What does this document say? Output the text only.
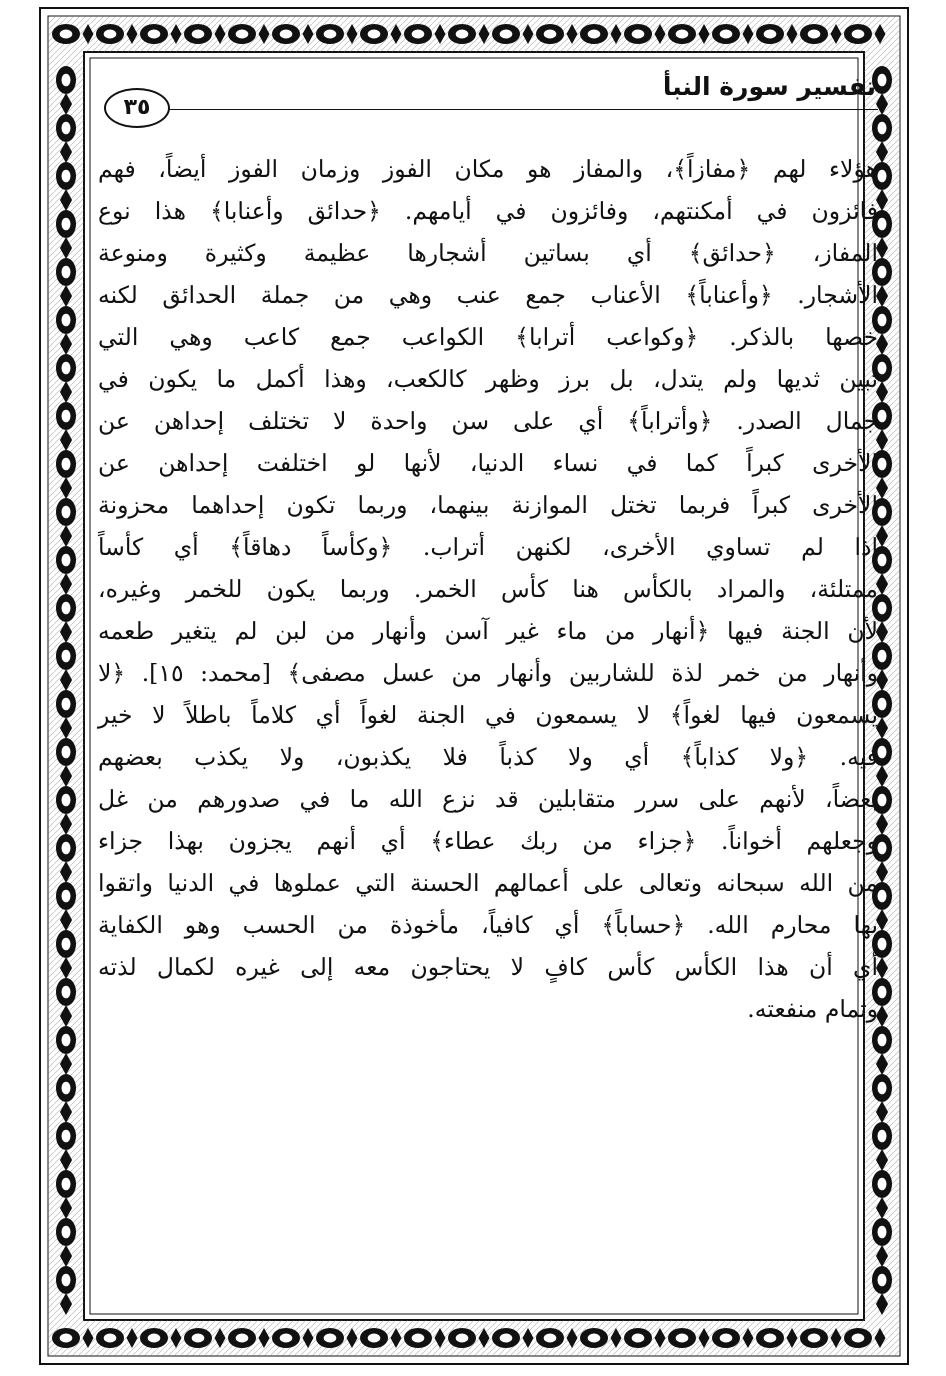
تفسير سورة النبأ
٣٥
هؤلاء لهم ﴿مفازاً﴾، والمفاز هو مكان الفوز وزمان الفوز أيضاً، فهم
فائزون في أمكنتهم، وفائزون في أيامهم. ﴿حدائق وأعنابا﴾ هذا نوع
المفاز، ﴿حدائق﴾ أي بساتين أشجارها عظيمة وكثيرة ومنوعة
الأشجار. ﴿وأعناباً﴾ الأعناب جمع عنب وهي من جملة الحدائق لكنه
خصها بالذكر. ﴿وكواعب أترابا﴾ الكواعب جمع كاعب وهي التي
تبين ثديها ولم يتدل، بل برز وظهر كالكعب، وهذا أكمل ما يكون في
جمال الصدر. ﴿وأتراباً﴾ أي على سن واحدة لا تختلف إحداهن عن
الأخرى كبراً كما في نساء الدنيا، لأنها لو اختلفت إحداهن عن
الأخرى كبراً فربما تختل الموازنة بينهما، وربما تكون إحداهما محزونة
إذا لم تساوي الأخرى، لكنهن أتراب. ﴿وكأساً دهاقاً﴾ أي كأساً
ممتلئة، والمراد بالكأس هنا كأس الخمر. وربما يكون للخمر وغيره،
لأن الجنة فيها ﴿أنهار من ماء غير آسن وأنهار من لبن لم يتغير طعمه
وأنهار من خمر لذة للشاربين وأنهار من عسل مصفى﴾ [محمد: ١٥]. ﴿لا
يسمعون فيها لغواً﴾ لا يسمعون في الجنة لغواً أي كلاماً باطلاً لا خير
فيه. ﴿ولا كذاباً﴾ أي ولا كذباً فلا يكذبون، ولا يكذب بعضهم
بعضاً، لأنهم على سرر متقابلين قد نزع الله ما في صدورهم من غل
وجعلهم أخواناً. ﴿جزاء من ربك عطاء﴾ أي أنهم يجزون بهذا جزاء
من الله سبحانه وتعالى على أعمالهم الحسنة التي عملوها في الدنيا واتقوا
بها محارم الله. ﴿حساباً﴾ أي كافياً، مأخوذة من الحسب وهو الكفاية
أي أن هذا الكأس كأس كافٍ لا يحتاجون معه إلى غيره لكمال لذته
وتمام منفعته.
